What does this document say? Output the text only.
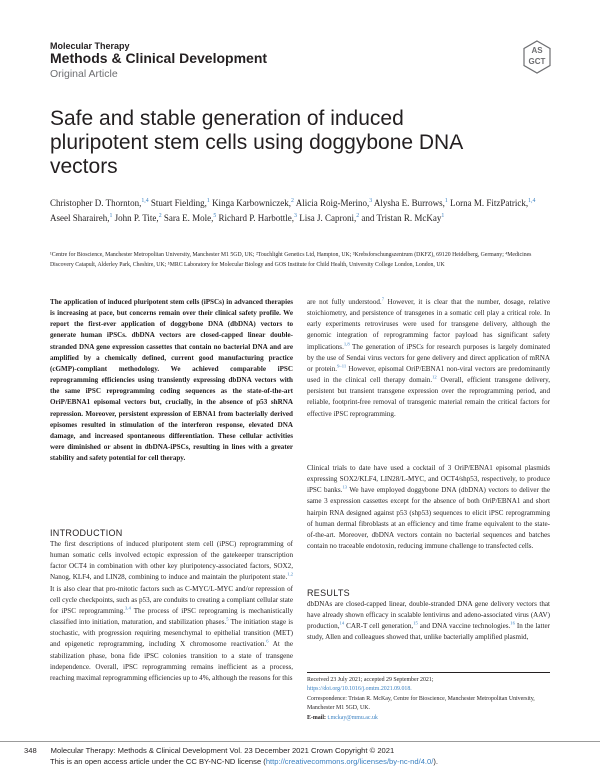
Molecular Therapy
Methods & Clinical Development
Original Article
AS
GCT
Safe and stable generation of induced pluripotent stem cells using doggybone DNA vectors
Christopher D. Thornton,$^{1,4}$ Stuart Fielding,$^1$ Kinga Karbowniczek,$^2$ Alicia Roig-Merino,$^3$ Alysha E. Burrows,$^1$ Lorna M. FitzPatrick,$^{1,4}$ Aseel Sharaireh,$^1$ John P. Tite,$^2$ Sara E. Mole,$^5$ Richard P. Harbottle,$^3$ Lisa J. Caproni,$^2$ and Tristan R. McKay$^1$
¹Centre for Bioscience, Manchester Metropolitan University, Manchester M1 5GD, UK; ²Touchlight Genetics Ltd, Hampton, UK; ³Krebsforschungszentrum (DKFZ), 69120 Heidelberg, Germany; ⁴Medicines Discovery Catapult, Alderley Park, Cheshire, UK; ⁵MRC Laboratory for Molecular Biology and GOS Institute for Child Health, University College London, London, UK
The application of induced pluripotent stem cells (iPSCs) in advanced therapies is increasing at pace, but concerns remain over their clinical safety profile. We report the first-ever application of doggybone DNA (dbDNA) vectors to generate human iPSCs. dbDNA vectors are closed-capped linear double-stranded DNA gene expression cassettes that contain no bacterial DNA and are amplified by a chemically defined, current good manufacturing practice (cGMP)-compliant methodology. We achieved comparable iPSC reprogramming efficiencies using transiently expressing dbDNA vectors with the same iPSC reprogramming coding sequences as the state-of-the-art OriP/EBNA1 episomal vectors but, crucially, in the absence of p53 shRNA repression. Moreover, persistent expression of EBNA1 from bacterially derived episomes resulted in stimulation of the interferon response, elevated DNA damage, and increased spontaneous differentiation. These cellular activities were diminished or absent in dbDNA-iPSCs, resulting in lines with a greater stability and safety potential for cell therapy.
INTRODUCTION
The first descriptions of induced pluripotent stem cell (iPSC) reprogramming of human somatic cells involved ectopic expression of the gatekeeper transcription factor OCT4 in combination with other key pluripotency-associated factors, SOX2, Nanog, KLF4, and LIN28, combining to induce and maintain the pluripotent state.$^{1,2}$ It is also clear that pro-mitotic factors such as C-MYC/L-MYC and/or repression of cell cycle checkpoints, such as p53, are conduits to creating a compliant cellular state for iPSC reprogramming.$^{3,4}$ The process of iPSC reprograming is mechanistically classified into initiation, maturation, and stabilization phases.$^5$ The initiation stage is stochastic, with progression requiring mesenchymal to epithelial transition (MET) and epigenetic reprogramming, including X chromosome reactivation.$^6$ At the stabilization phase, bona fide iPSC colonies transition to a state of transgene independence. Overall, iPSC reprogramming remains inefficient as a process, reaching maximal reprogramming efficiencies up to 4%, although the reasons for this
are not fully understood.$^7$ However, it is clear that the number, dosage, relative stoichiometry, and persistence of transgenes in a somatic cell play a critical role. In early experiments retroviruses were used for transgene delivery, although the genomic integration of reprogramming factor payload has significant safety implications.$^{1,8}$ The generation of iPSCs for research purposes is largely dominated by the use of Sendai virus vectors for gene delivery and direct application of mRNA or protein.$^{9-11}$ However, episomal OriP/EBNA1 non-viral vectors are predominantly used in the clinical cell therapy domain.$^{12}$ Overall, efficient transgene delivery, persistent but transient transgene expression over the reprogramming period, and reliable, footprint-free removal of transgenic material remain the critical factors for effective iPSC reprogramming.
Clinical trials to date have used a cocktail of 3 OriP/EBNA1 episomal plasmids expressing SOX2/KLF4, LIN28/L-MYC, and OCT4/shp53, respectively, to produce iPSC banks.$^{13}$ We have employed doggybone DNA (dbDNA) vectors to deliver the same 3 expression cassettes except for the absence of both OriP/EBNA1 and short hairpin RNA designed against p53 (shp53) sequences to elicit iPSC reprogramming of human dermal fibroblasts at an efficiency and time frame equivalent to the state-of-the-art. Moreover, dbDNA vectors contain no bacterial sequences and batches contain no traceable endotoxin, reducing immune challenge to transfected cells.
RESULTS
dbDNAs are closed-capped linear, double-stranded DNA gene delivery vectors that have already shown efficacy in scalable lentivirus and adeno-associated virus (AAV) production,$^{14}$ CAR-T cell generation,$^{15}$ and DNA vaccine technologies.$^{16}$ In the latter study, Allen and colleagues showed that, unlike bacterially amplified plasmid,
Received 23 July 2021; accepted 29 September 2021;
https://doi.org/10.1016/j.omtm.2021.09.018.
Correspondence: Tristan R. McKay, Centre for Bioscience, Manchester Metropolitan University, Manchester M1 5GD, UK.
E-mail: t.mckay@mmu.ac.uk
348 Molecular Therapy: Methods & Clinical Development Vol. 23 December 2021 Crown Copyright © 2021
This is an open access article under the CC BY-NC-ND license (http://creativecommons.org/licenses/by-nc-nd/4.0/).
